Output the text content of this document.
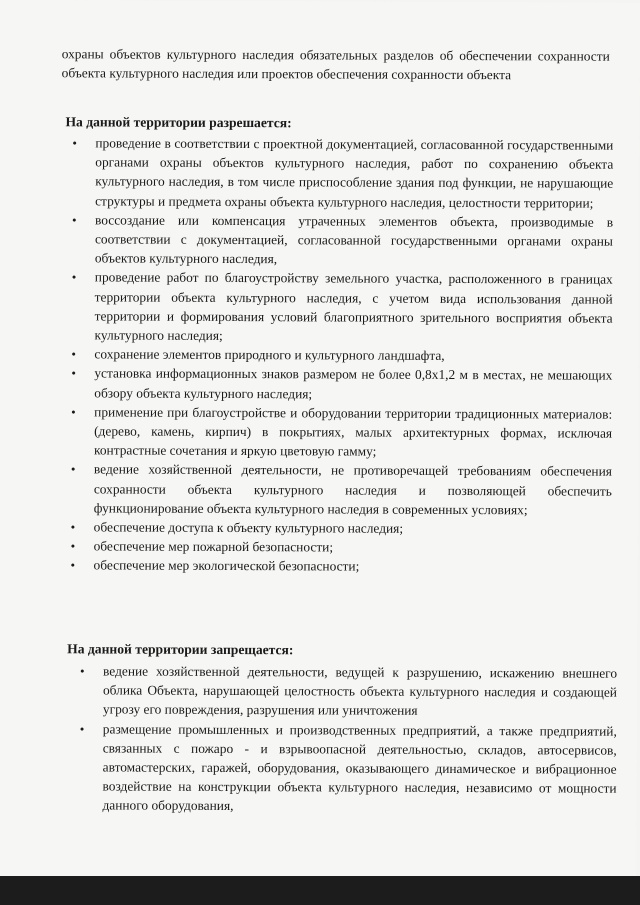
охраны объектов культурного наследия обязательных разделов об обеспечении сохранности объекта культурного наследия или проектов обеспечения сохранности объекта
На данной территории разрешается:
• проведение в соответствии с проектной документацией, согласованной государственными органами охраны объектов культурного наследия, работ по сохранению объекта культурного наследия, в том числе приспособление здания под функции, не нарушающие структуры и предмета охраны объекта культурного наследия, целостности территории;
• воссоздание или компенсация утраченных элементов объекта, производимые в соответствии с документацией, согласованной государственными органами охраны объектов культурного наследия,
• проведение работ по благоустройству земельного участка, расположенного в границах территории объекта культурного наследия, с учетом вида использования данной территории и формирования условий благоприятного зрительного восприятия объекта культурного наследия;
• сохранение элементов природного и культурного ландшафта,
• установка информационных знаков размером не более 0,8х1,2 м в местах, не мешающих обзору объекта культурного наследия;
• применение при благоустройстве и оборудовании территории традиционных материалов: (дерево, камень, кирпич) в покрытиях, малых архитектурных формах, исключая контрастные сочетания и яркую цветовую гамму;
• ведение хозяйственной деятельности, не противоречащей требованиям обеспечения сохранности объекта культурного наследия и позволяющей обеспечить функционирование объекта культурного наследия в современных условиях;
• обеспечение доступа к объекту культурного наследия;
• обеспечение мер пожарной безопасности;
• обеспечение мер экологической безопасности;
На данной территории запрещается:
• ведение хозяйственной деятельности, ведущей к разрушению, искажению внешнего облика Объекта, нарушающей целостность объекта культурного наследия и создающей угрозу его повреждения, разрушения или уничтожения
• размещение промышленных и производственных предприятий, а также предприятий, связанных с пожаро - и взрывоопасной деятельностью, складов, автосервисов, автомастерских, гаражей, оборудования, оказывающего динамическое и вибрационное воздействие на конструкции объекта культурного наследия, независимо от мощности данного оборудования,
